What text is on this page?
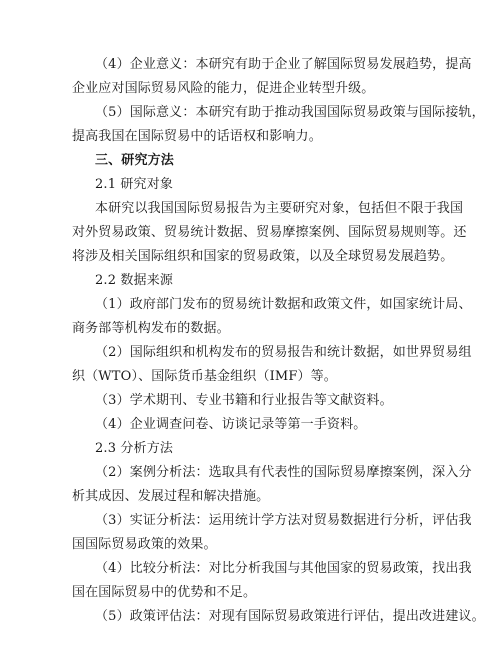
（4）企业意义：本研究有助于企业了解国际贸易发展趋势，提高
企业应对国际贸易风险的能力，促进企业转型升级。
（5）国际意义：本研究有助于推动我国国际贸易政策与国际接轨，
提高我国在国际贸易中的话语权和影响力。
三、研究方法
2.1 研究对象
本研究以我国国际贸易报告为主要研究对象，包括但不限于我国
对外贸易政策、贸易统计数据、贸易摩擦案例、国际贸易规则等。还
将涉及相关国际组织和国家的贸易政策，以及全球贸易发展趋势。
2.2 数据来源
（1）政府部门发布的贸易统计数据和政策文件，如国家统计局、
商务部等机构发布的数据。
（2）国际组织和机构发布的贸易报告和统计数据，如世界贸易组
织（WTO）、国际货币基金组织（IMF）等。
（3）学术期刊、专业书籍和行业报告等文献资料。
（4）企业调查问卷、访谈记录等第一手资料。
2.3 分析方法
（2）案例分析法：选取具有代表性的国际贸易摩擦案例，深入分
析其成因、发展过程和解决措施。
（3）实证分析法：运用统计学方法对贸易数据进行分析，评估我
国国际贸易政策的效果。
（4）比较分析法：对比分析我国与其他国家的贸易政策，找出我
国在国际贸易中的优势和不足。
（5）政策评估法：对现有国际贸易政策进行评估，提出改进建议。
